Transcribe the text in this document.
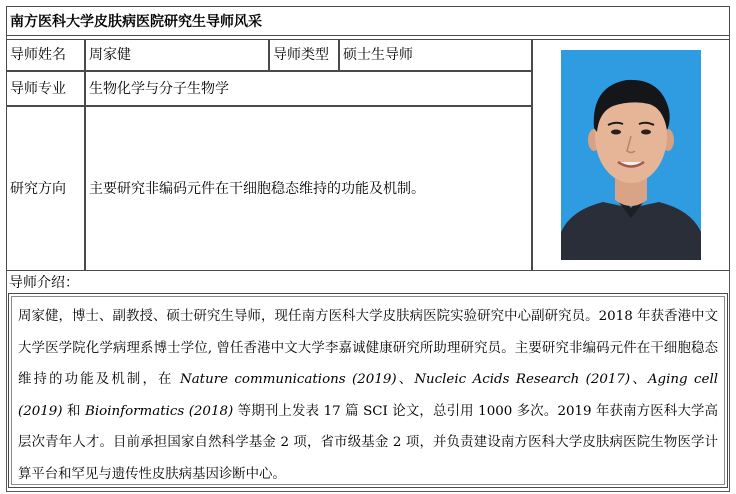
南方医科大学皮肤病医院研究生导师风采
导师姓名	周家健	导师类型	硕士生导师
导师专业	生物化学与分子生物学
研究方向	主要研究非编码元件在干细胞稳态维持的功能及机制。
导师介绍：
周家健，博士、副教授、硕士研究生导师，现任南方医科大学皮肤病医院实验研究中心副研究员。2018 年获香港中文大学医学院化学病理系博士学位, 曾任香港中文大学李嘉诚健康研究所助理研究员。主要研究非编码元件在干细胞稳态维持的功能及机制，在 Nature communications (2019)、Nucleic Acids Research (2017)、Aging cell (2019) 和 Bioinformatics (2018) 等期刊上发表 17 篇 SCI 论文，总引用 1000 多次。2019 年获南方医科大学高层次青年人才。目前承担国家自然科学基金 2 项，省市级基金 2 项，并负责建设南方医科大学皮肤病医院生物医学计算平台和罕见与遗传性皮肤病基因诊断中心。
